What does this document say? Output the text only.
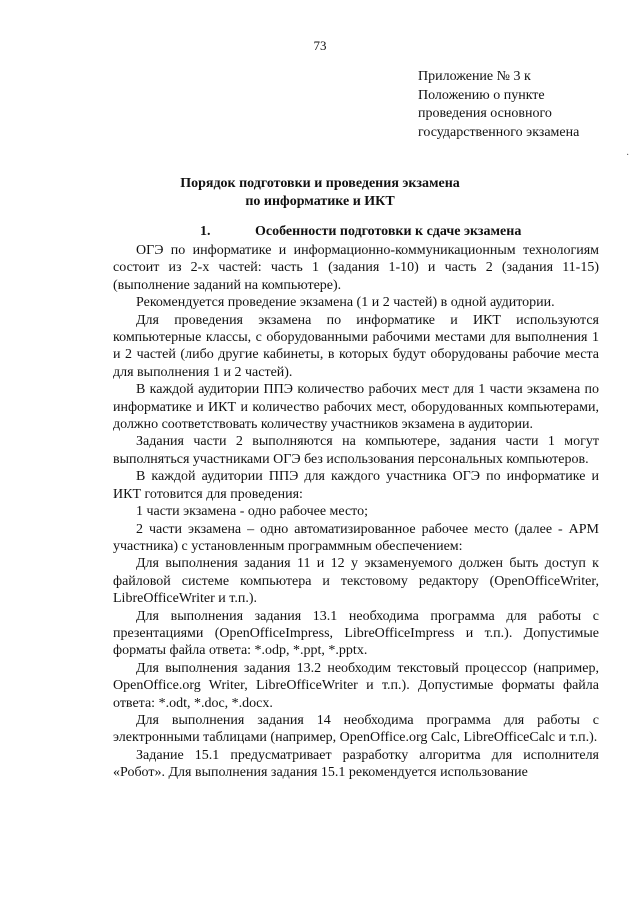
73
Приложение № 3 к
Положению о пункте
проведения основного
государственного экзамена
·
Порядок подготовки и проведения экзамена
по информатике и ИКТ
1.	Особенности подготовки к сдаче экзамена

ОГЭ по информатике и информационно-коммуникационным технологиям состоит из 2-х частей: часть 1 (задания 1-10) и часть 2 (задания 11-15) (выполнение заданий на компьютере).

Рекомендуется проведение экзамена (1 и 2 частей) в одной аудитории.

Для проведения экзамена по информатике и ИКТ используются компьютерные классы, с оборудованными рабочими местами для выполнения 1 и 2 частей (либо другие кабинеты, в которых будут оборудованы рабочие места для выполнения 1 и 2 частей).

В каждой аудитории ППЭ количество рабочих мест для 1 части экзамена по информатике и ИКТ и количество рабочих мест, оборудованных компьютерами, должно соответствовать количеству участников экзамена в аудитории.

Задания части 2 выполняются на компьютере, задания части 1 могут выполняться участниками ОГЭ без использования персональных компьютеров.

В каждой аудитории ППЭ для каждого участника ОГЭ по информатике и ИКТ готовится для проведения:

1 части экзамена - одно рабочее место;

2 части экзамена – одно автоматизированное рабочее место (далее - АРМ участника) с установленным программным обеспечением:

Для выполнения задания 11 и 12 у экзаменуемого должен быть доступ к файловой системе компьютера и текстовому редактору (OpenOfficeWriter, LibreOfficeWriter и т.п.).

Для выполнения задания 13.1 необходима программа для работы с презентациями (OpenOfficeImpress, LibreOfficeImpress и т.п.). Допустимые форматы файла ответа: *.odp, *.ppt, *.pptx.

Для выполнения задания 13.2 необходим текстовый процессор (например, OpenOffice.org Writer, LibreOfficeWriter и т.п.). Допустимые форматы файла ответа: *.odt, *.doc, *.docx.

Для выполнения задания 14 необходима программа для работы с электронными таблицами (например, OpenOffice.org Calc, LibreOfficeCalc и т.п.).

Задание 15.1 предусматривает разработку алгоритма для исполнителя «Робот». Для выполнения задания 15.1 рекомендуется использование
